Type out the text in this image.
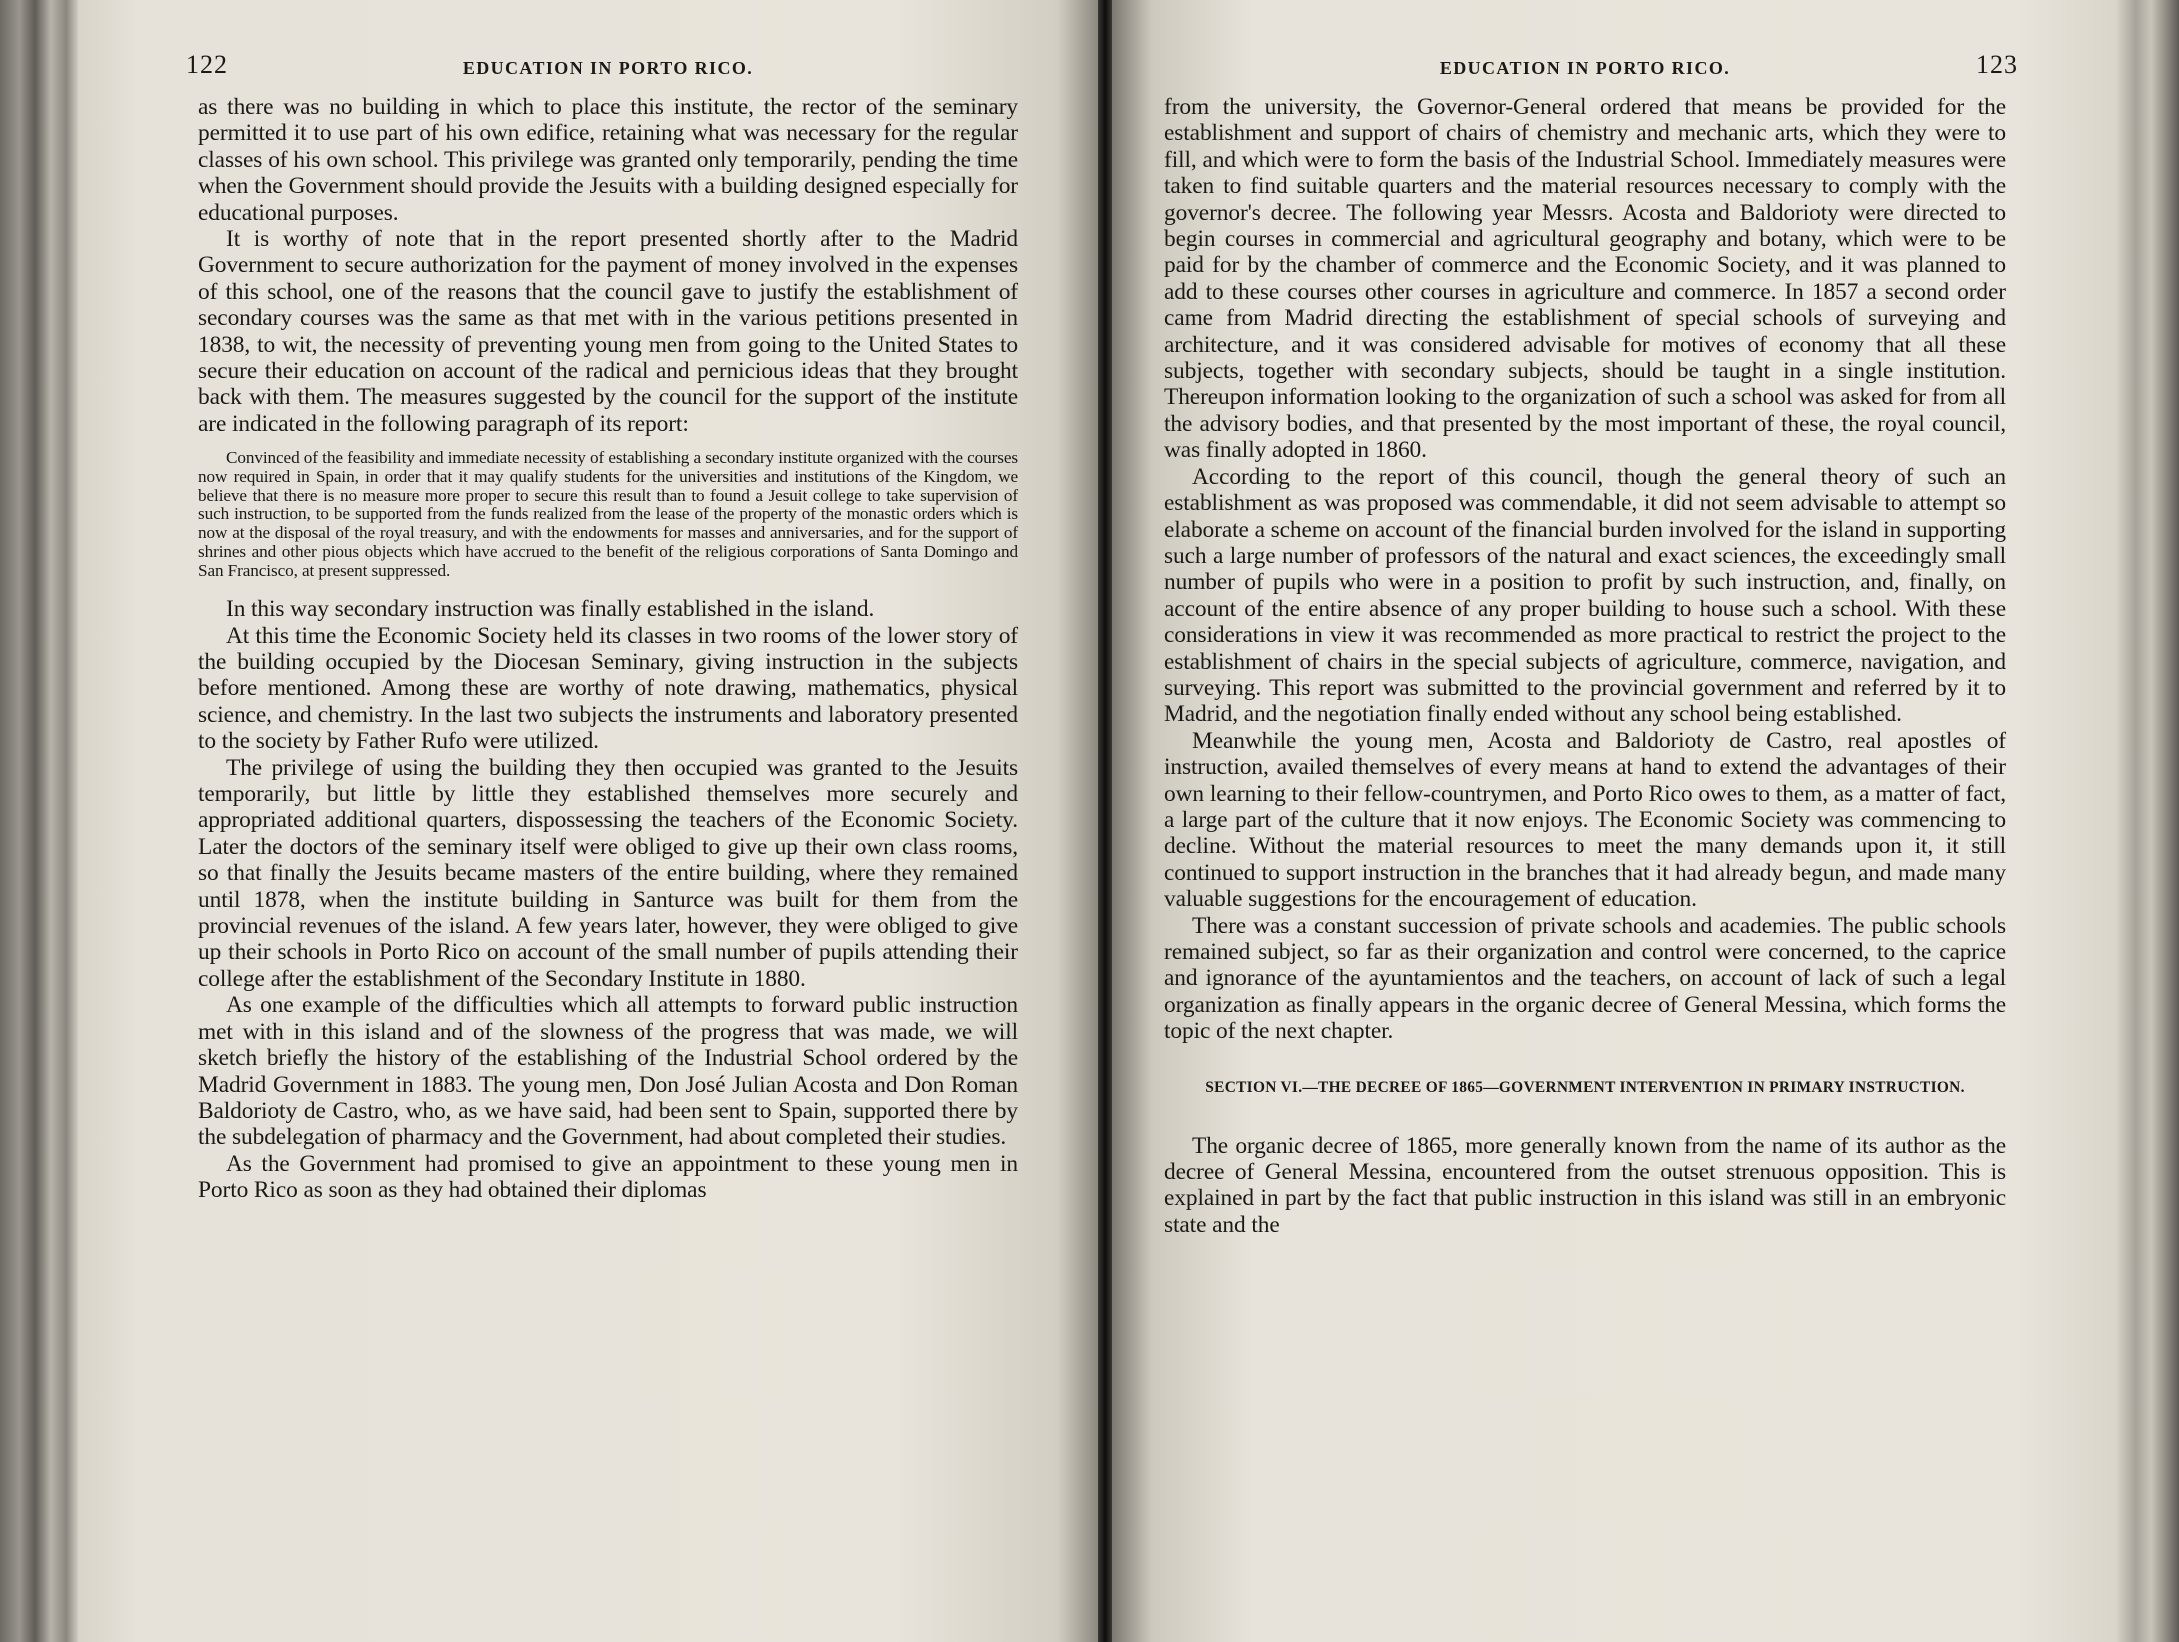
122	EDUCATION IN PORTO RICO.

as there was no building in which to place this institute, the rector of the seminary permitted it to use part of his own edifice, retaining what was necessary for the regular classes of his own school. This privilege was granted only temporarily, pending the time when the Government should provide the Jesuits with a building designed especially for educational purposes.

It is worthy of note that in the report presented shortly after to the Madrid Government to secure authorization for the payment of money involved in the expenses of this school, one of the reasons that the council gave to justify the establishment of secondary courses was the same as that met with in the various petitions presented in 1838, to wit, the necessity of preventing young men from going to the United States to secure their education on account of the radical and pernicious ideas that they brought back with them. The measures suggested by the council for the support of the institute are indicated in the following paragraph of its report:

Convinced of the feasibility and immediate necessity of establishing a secondary institute organized with the courses now required in Spain, in order that it may qualify students for the universities and institutions of the Kingdom, we believe that there is no measure more proper to secure this result than to found a Jesuit college to take supervision of such instruction, to be supported from the funds realized from the lease of the property of the monastic orders which is now at the disposal of the royal treasury, and with the endowments for masses and anniversaries, and for the support of shrines and other pious objects which have accrued to the benefit of the religious corporations of Santa Domingo and San Francisco, at present suppressed.

In this way secondary instruction was finally established in the island.

At this time the Economic Society held its classes in two rooms of the lower story of the building occupied by the Diocesan Seminary, giving instruction in the subjects before mentioned. Among these are worthy of note drawing, mathematics, physical science, and chemistry. In the last two subjects the instruments and laboratory presented to the society by Father Rufo were utilized.

The privilege of using the building they then occupied was granted to the Jesuits temporarily, but little by little they established themselves more securely and appropriated additional quarters, dispossessing the teachers of the Economic Society. Later the doctors of the seminary itself were obliged to give up their own class rooms, so that finally the Jesuits became masters of the entire building, where they remained until 1878, when the institute building in Santurce was built for them from the provincial revenues of the island. A few years later, however, they were obliged to give up their schools in Porto Rico on account of the small number of pupils attending their college after the establishment of the Secondary Institute in 1880.

As one example of the difficulties which all attempts to forward public instruction met with in this island and of the slowness of the progress that was made, we will sketch briefly the history of the establishing of the Industrial School ordered by the Madrid Government in 1883. The young men, Don José Julian Acosta and Don Roman Baldorioty de Castro, who, as we have said, had been sent to Spain, supported there by the subdelegation of pharmacy and the Government, had about completed their studies.

As the Government had promised to give an appointment to these young men in Porto Rico as soon as they had obtained their diplomas

EDUCATION IN PORTO RICO.	123

from the university, the Governor-General ordered that means be provided for the establishment and support of chairs of chemistry and mechanic arts, which they were to fill, and which were to form the basis of the Industrial School. Immediately measures were taken to find suitable quarters and the material resources necessary to comply with the governor's decree. The following year Messrs. Acosta and Baldorioty were directed to begin courses in commercial and agricultural geography and botany, which were to be paid for by the chamber of commerce and the Economic Society, and it was planned to add to these courses other courses in agriculture and commerce. In 1857 a second order came from Madrid directing the establishment of special schools of surveying and architecture, and it was considered advisable for motives of economy that all these subjects, together with secondary subjects, should be taught in a single institution. Thereupon information looking to the organization of such a school was asked for from all the advisory bodies, and that presented by the most important of these, the royal council, was finally adopted in 1860.

According to the report of this council, though the general theory of such an establishment as was proposed was commendable, it did not seem advisable to attempt so elaborate a scheme on account of the financial burden involved for the island in supporting such a large number of professors of the natural and exact sciences, the exceedingly small number of pupils who were in a position to profit by such instruction, and, finally, on account of the entire absence of any proper building to house such a school. With these considerations in view it was recommended as more practical to restrict the project to the establishment of chairs in the special subjects of agriculture, commerce, navigation, and surveying. This report was submitted to the provincial government and referred by it to Madrid, and the negotiation finally ended without any school being established.

Meanwhile the young men, Acosta and Baldorioty de Castro, real apostles of instruction, availed themselves of every means at hand to extend the advantages of their own learning to their fellow-countrymen, and Porto Rico owes to them, as a matter of fact, a large part of the culture that it now enjoys. The Economic Society was commencing to decline. Without the material resources to meet the many demands upon it, it still continued to support instruction in the branches that it had already begun, and made many valuable suggestions for the encouragement of education.

There was a constant succession of private schools and academies. The public schools remained subject, so far as their organization and control were concerned, to the caprice and ignorance of the ayuntamientos and the teachers, on account of lack of such a legal organization as finally appears in the organic decree of General Messina, which forms the topic of the next chapter.

SECTION VI.—THE DECREE OF 1865—GOVERNMENT INTERVENTION IN PRIMARY INSTRUCTION.

The organic decree of 1865, more generally known from the name of its author as the decree of General Messina, encountered from the outset strenuous opposition. This is explained in part by the fact that public instruction in this island was still in an embryonic state and the
